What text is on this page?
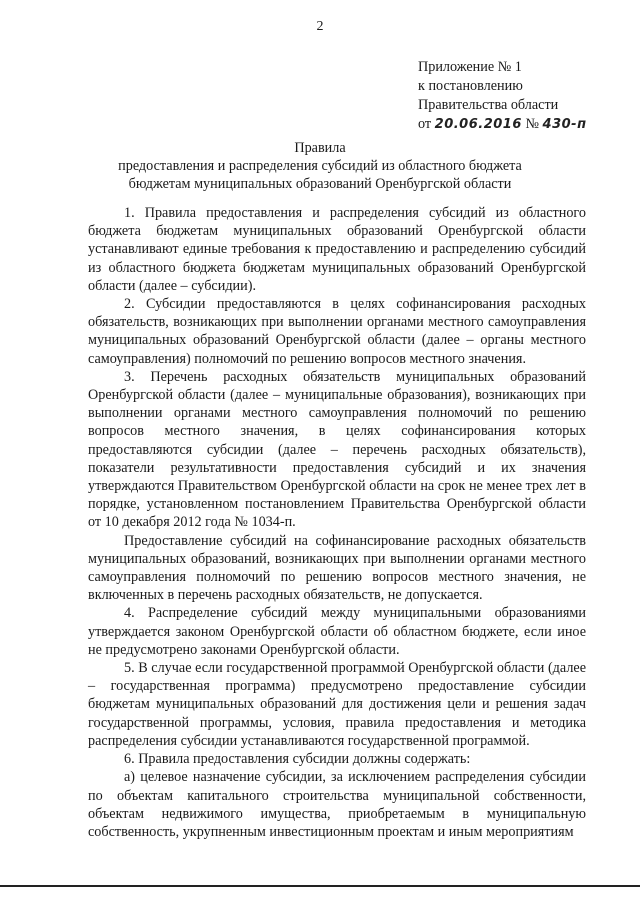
2
Приложение № 1
к постановлению
Правительства области
от 20.06.2016 № 430-п
Правила
предоставления и распределения субсидий из областного бюджета
бюджетам муниципальных образований Оренбургской области

1. Правила предоставления и распределения субсидий из областного бюджета бюджетам муниципальных образований Оренбургской области устанавливают единые требования к предоставлению и распределению субсидий из областного бюджета бюджетам муниципальных образований Оренбургской области (далее – субсидии).

2. Субсидии предоставляются в целях софинансирования расходных обязательств, возникающих при выполнении органами местного самоуправления муниципальных образований Оренбургской области (далее – органы местного самоуправления) полномочий по решению вопросов местного значения.

3. Перечень расходных обязательств муниципальных образований Оренбургской области (далее – муниципальные образования), возникающих при выполнении органами местного самоуправления полномочий по решению вопросов местного значения, в целях софинансирования которых предоставляются субсидии (далее – перечень расходных обязательств), показатели результативности предоставления субсидий и их значения утверждаются Правительством Оренбургской области на срок не менее трех лет в порядке, установленном постановлением Правительства Оренбургской области от 10 декабря 2012 года № 1034-п.

Предоставление субсидий на софинансирование расходных обязательств муниципальных образований, возникающих при выполнении органами местного самоуправления полномочий по решению вопросов местного значения, не включенных в перечень расходных обязательств, не допускается.

4. Распределение субсидий между муниципальными образованиями утверждается законом Оренбургской области об областном бюджете, если иное не предусмотрено законами Оренбургской области.

5. В случае если государственной программой Оренбургской области (далее – государственная программа) предусмотрено предоставление субсидии бюджетам муниципальных образований для достижения цели и решения задач государственной программы, условия, правила предоставления и методика распределения субсидии устанавливаются государственной программой.

6. Правила предоставления субсидии должны содержать:

а) целевое назначение субсидии, за исключением распределения субсидии по объектам капитального строительства муниципальной собственности, объектам недвижимого имущества, приобретаемым в муниципальную собственность, укрупненным инвестиционным проектам и иным мероприятиям
